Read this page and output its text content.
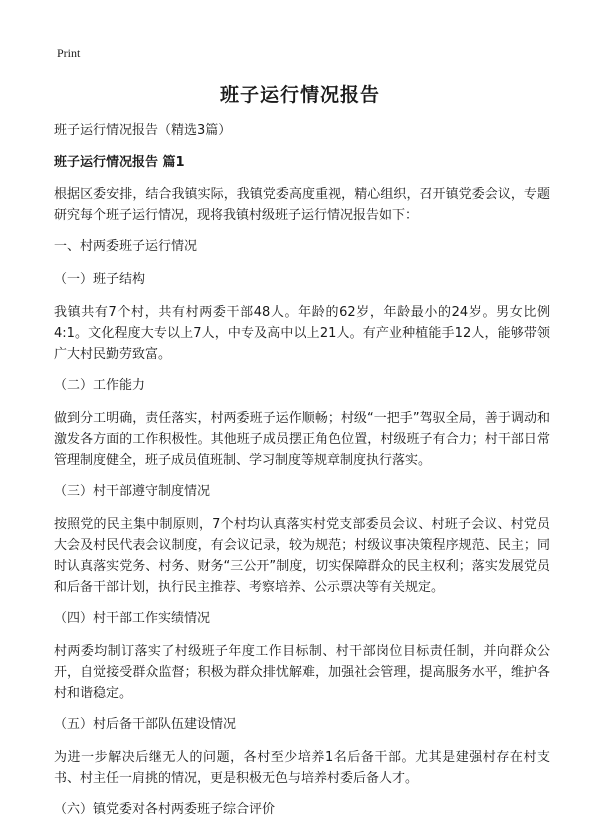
Print
班子运行情况报告

班子运行情况报告（精选3篇）

班子运行情况报告 篇1

根据区委安排，结合我镇实际，我镇党委高度重视，精心组织，召开镇党委会议，专题研究每个班子运行情况，现将我镇村级班子运行情况报告如下：

一、村两委班子运行情况

（一）班子结构

我镇共有7个村，共有村两委干部48人。年龄的62岁，年龄最小的24岁。男女比例4:1。文化程度大专以上7人，中专及高中以上21人。有产业种植能手12人，能够带领广大村民勤劳致富。

（二）工作能力

做到分工明确，责任落实，村两委班子运作顺畅；村级“一把手”驾驭全局，善于调动和激发各方面的工作积极性。其他班子成员摆正角色位置，村级班子有合力；村干部日常管理制度健全，班子成员值班制、学习制度等规章制度执行落实。

（三）村干部遵守制度情况

按照党的民主集中制原则，7个村均认真落实村党支部委员会议、村班子会议、村党员大会及村民代表会议制度，有会议记录，较为规范；村级议事决策程序规范、民主；同时认真落实党务、村务、财务“三公开”制度，切实保障群众的民主权利；落实发展党员和后备干部计划，执行民主推荐、考察培养、公示票决等有关规定。

（四）村干部工作实绩情况

村两委均制订落实了村级班子年度工作目标制、村干部岗位目标责任制，并向群众公开，自觉接受群众监督；积极为群众排忧解难，加强社会管理，提高服务水平，维护各村和谐稳定。

（五）村后备干部队伍建设情况

为进一步解决后继无人的问题，各村至少培养1名后备干部。尤其是建强村存在村支书、村主任一肩挑的情况，更是积极无色与培养村委后备人才。

（六）镇党委对各村两委班子综合评价
